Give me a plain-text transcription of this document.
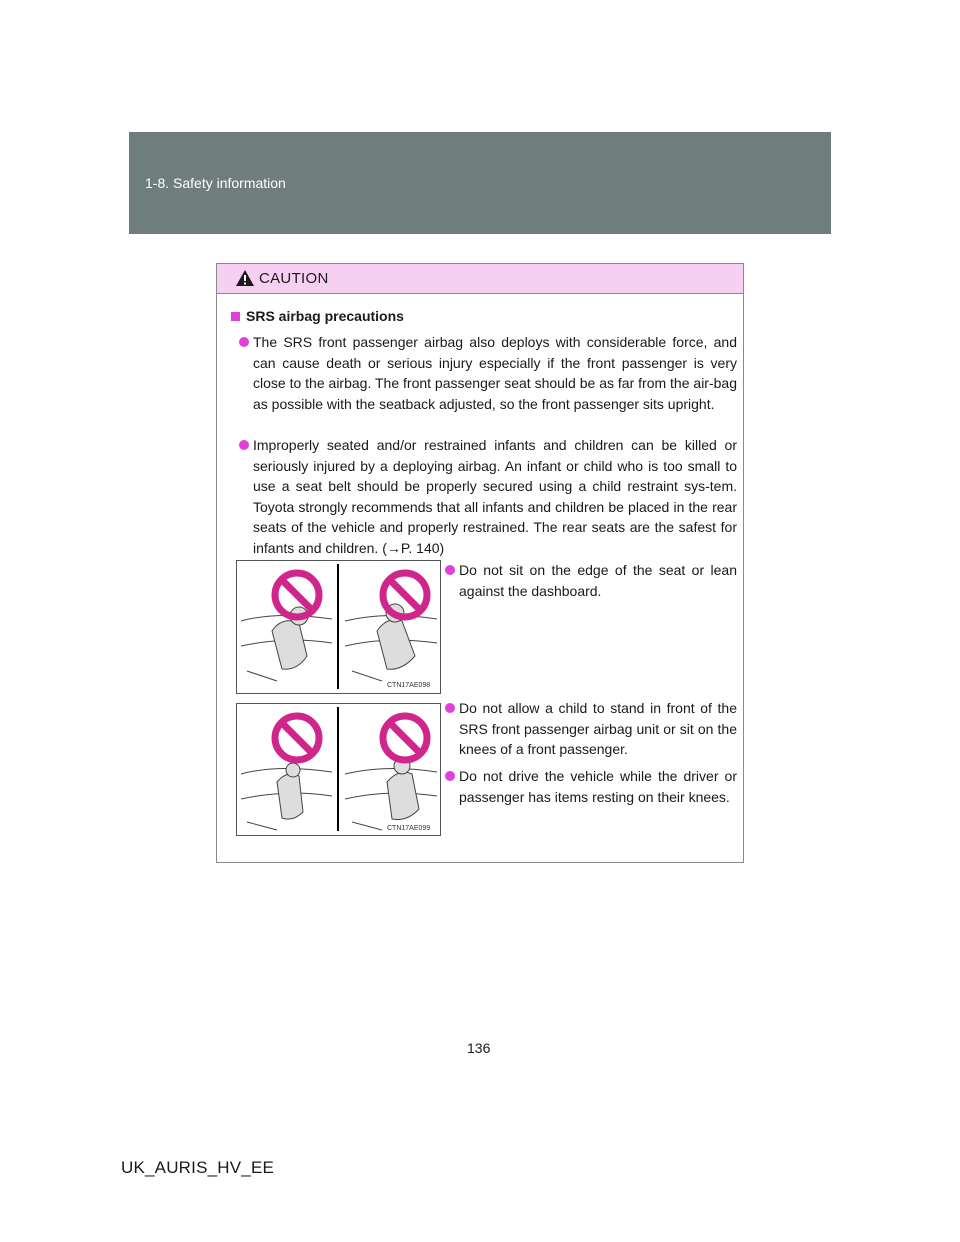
1-8. Safety information
CAUTION
SRS airbag precautions
The SRS front passenger airbag also deploys with considerable force, and can cause death or serious injury especially if the front passenger is very close to the airbag. The front passenger seat should be as far from the air-bag as possible with the seatback adjusted, so the front passenger sits upright.
Improperly seated and/or restrained infants and children can be killed or seriously injured by a deploying airbag. An infant or child who is too small to use a seat belt should be properly secured using a child restraint sys-tem. Toyota strongly recommends that all infants and children be placed in the rear seats of the vehicle and properly restrained. The rear seats are the safest for infants and children. (→P. 140)
CTN17AE098
Do not sit on the edge of the seat or lean against the dashboard.
CTN17AE099
Do not allow a child to stand in front of the SRS front passenger airbag unit or sit on the knees of a front passenger.
Do not drive the vehicle while the driver or passenger has items resting on their knees.
136
UK_AURIS_HV_EE
